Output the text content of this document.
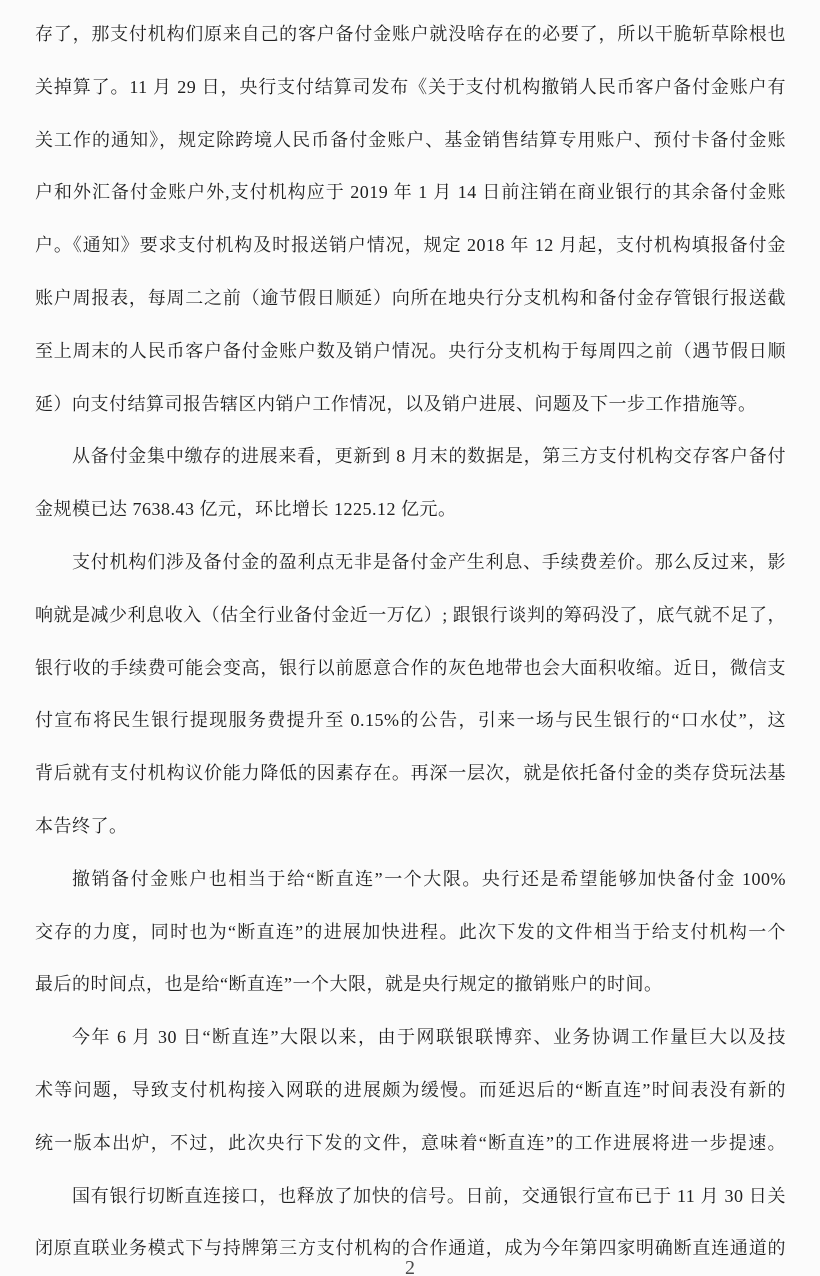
存了，那支付机构们原来自己的客户备付金账户就没啥存在的必要了，所以干脆斩草除根也
关掉算了。11 月 29 日，央行支付结算司发布《关于支付机构撤销人民币客户备付金账户有
关工作的通知》，规定除跨境人民币备付金账户、基金销售结算专用账户、预付卡备付金账
户和外汇备付金账户外,支付机构应于 2019 年 1 月 14 日前注销在商业银行的其余备付金账
户。《通知》要求支付机构及时报送销户情况，规定 2018 年 12 月起，支付机构填报备付金
账户周报表，每周二之前（逾节假日顺延）向所在地央行分支机构和备付金存管银行报送截
至上周末的人民币客户备付金账户数及销户情况。央行分支机构于每周四之前（遇节假日顺
延）向支付结算司报告辖区内销户工作情况，以及销户进展、问题及下一步工作措施等。
从备付金集中缴存的进展来看，更新到 8 月末的数据是，第三方支付机构交存客户备付
金规模已达 7638.43 亿元，环比增长 1225.12 亿元。
支付机构们涉及备付金的盈利点无非是备付金产生利息、手续费差价。那么反过来，影
响就是减少利息收入（估全行业备付金近一万亿）; 跟银行谈判的筹码没了，底气就不足了，
银行收的手续费可能会变高，银行以前愿意合作的灰色地带也会大面积收缩。近日，微信支
付宣布将民生银行提现服务费提升至 0.15%的公告，引来一场与民生银行的“口水仗”，这
背后就有支付机构议价能力降低的因素存在。再深一层次，就是依托备付金的类存贷玩法基
本告终了。
撤销备付金账户也相当于给“断直连”一个大限。央行还是希望能够加快备付金 100%
交存的力度，同时也为“断直连”的进展加快进程。此次下发的文件相当于给支付机构一个
最后的时间点，也是给“断直连”一个大限，就是央行规定的撤销账户的时间。
今年 6 月 30 日“断直连”大限以来，由于网联银联博弈、业务协调工作量巨大以及技
术等问题，导致支付机构接入网联的进展颇为缓慢。而延迟后的“断直连”时间表没有新的
统一版本出炉，不过，此次央行下发的文件，意味着“断直连”的工作进展将进一步提速。
国有银行切断直连接口，也释放了加快的信号。日前，交通银行宣布已于 11 月 30 日关
闭原直联业务模式下与持牌第三方支付机构的合作通道，成为今年第四家明确断直连通道的
2
